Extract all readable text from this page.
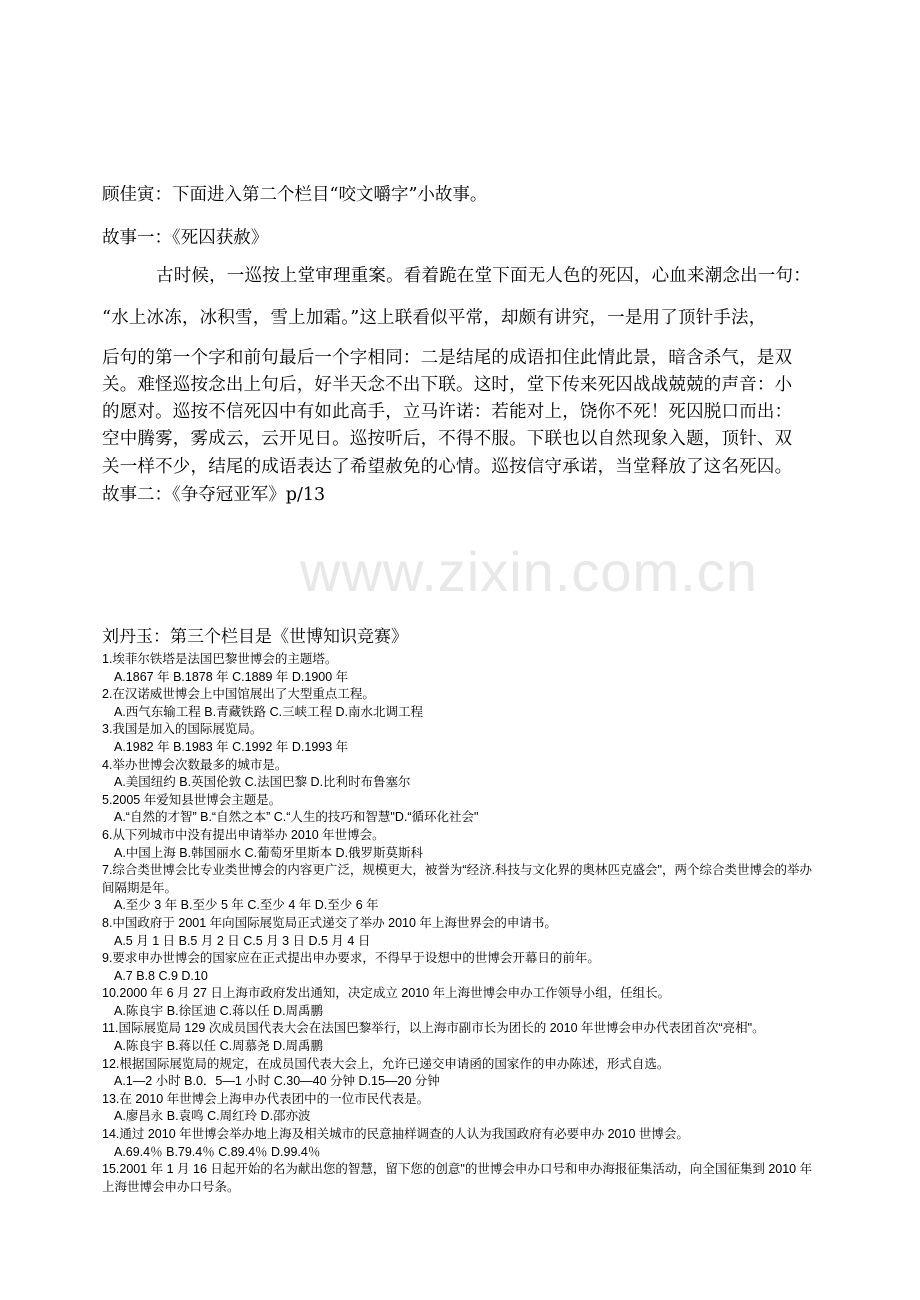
www.zixin.com.cn
顾佳寅：下面进入第二个栏目“咬文嚼字”小故事。
故事一：《死囚获赦》
古时候，一巡按上堂审理重案。看着跪在堂下面无人色的死囚，心血来潮念出一句：
“水上冰冻，冰积雪，雪上加霜。”这上联看似平常，却颇有讲究，一是用了顶针手法，
后句的第一个字和前句最后一个字相同：二是结尾的成语扣住此情此景，暗含杀气，是双
关。难怪巡按念出上句后，好半天念不出下联。这时，堂下传来死囚战战兢兢的声音：小
的愿对。巡按不信死囚中有如此高手，立马许诺：若能对上，饶你不死！死囚脱口而出：
空中腾雾，雾成云，云开见日。巡按听后，不得不服。下联也以自然现象入题，顶针、双
关一样不少，结尾的成语表达了希望赦免的心情。巡按信守承诺，当堂释放了这名死囚。
故事二：《争夺冠亚军》p/13
刘丹玉：第三个栏目是《世博知识竞赛》
1.埃菲尔铁塔是法国巴黎世博会的主题塔。
A.1867 年 B.1878 年 C.1889 年 D.1900 年
2.在汉诺威世博会上中国馆展出了大型重点工程。
A.西气东输工程 B.青藏铁路 C.三峡工程 D.南水北调工程
3.我国是加入的国际展览局。
A.1982 年 B.1983 年 C.1992 年 D.1993 年
4.举办世博会次数最多的城市是。
A.美国纽约 B.英国伦敦 C.法国巴黎 D.比利时布鲁塞尔
5.2005 年爱知县世博会主题是。
A.“自然的才智” B.“自然之本” C.“人生的技巧和智慧"D.“循环化社会"
6.从下列城市中没有提出申请举办 2010 年世博会。
A.中国上海 B.韩国丽水 C.葡萄牙里斯本 D.俄罗斯莫斯科
7.综合类世博会比专业类世博会的内容更广泛，规模更大，被誉为“经济.科技与文化界的奥林匹克盛会"，两个综合类世博会的举办间隔期是年。
A.至少 3 年 B.至少 5 年 C.至少 4 年 D.至少 6 年
8.中国政府于 2001 年向国际展览局正式递交了举办 2010 年上海世界会的申请书。
A.5 月 1 日 B.5 月 2 日 C.5 月 3 日 D.5 月 4 日
9.要求申办世博会的国家应在正式提出申办要求，不得早于设想中的世博会开幕日的前年。
A.7 B.8 C.9 D.10
10.2000 年 6 月 27 日上海市政府发出通知，决定成立 2010 年上海世博会申办工作领导小组，任组长。
A.陈良宇 B.徐匡迪 C.蒋以任 D.周禹鹏
11.国际展览局 129 次成员国代表大会在法国巴黎举行，以上海市副市长为团长的 2010 年世博会申办代表团首次“亮相"。
A.陈良宇 B.蒋以任 C.周慕尧 D.周禹鹏
12.根据国际展览局的规定，在成员国代表大会上，允许已递交申请函的国家作的申办陈述，形式自选。
A.1—2 小时 B.0．5—1 小时 C.30—40 分钟 D.15—20 分钟
13.在 2010 年世博会上海申办代表团中的一位市民代表是。
A.廖昌永 B.袁鸣 C.周红玲 D.邵亦波
14.通过 2010 年世博会举办地上海及相关城市的民意抽样调查的人认为我国政府有必要申办 2010 世博会。
A.69.4％ B.79.4％ C.89.4％ D.99.4％
15.2001 年 1 月 16 日起开始的名为献出您的智慧，留下您的创意"的世博会申办口号和申办海报征集活动，向全国征集到 2010 年上海世博会申办口号条。
